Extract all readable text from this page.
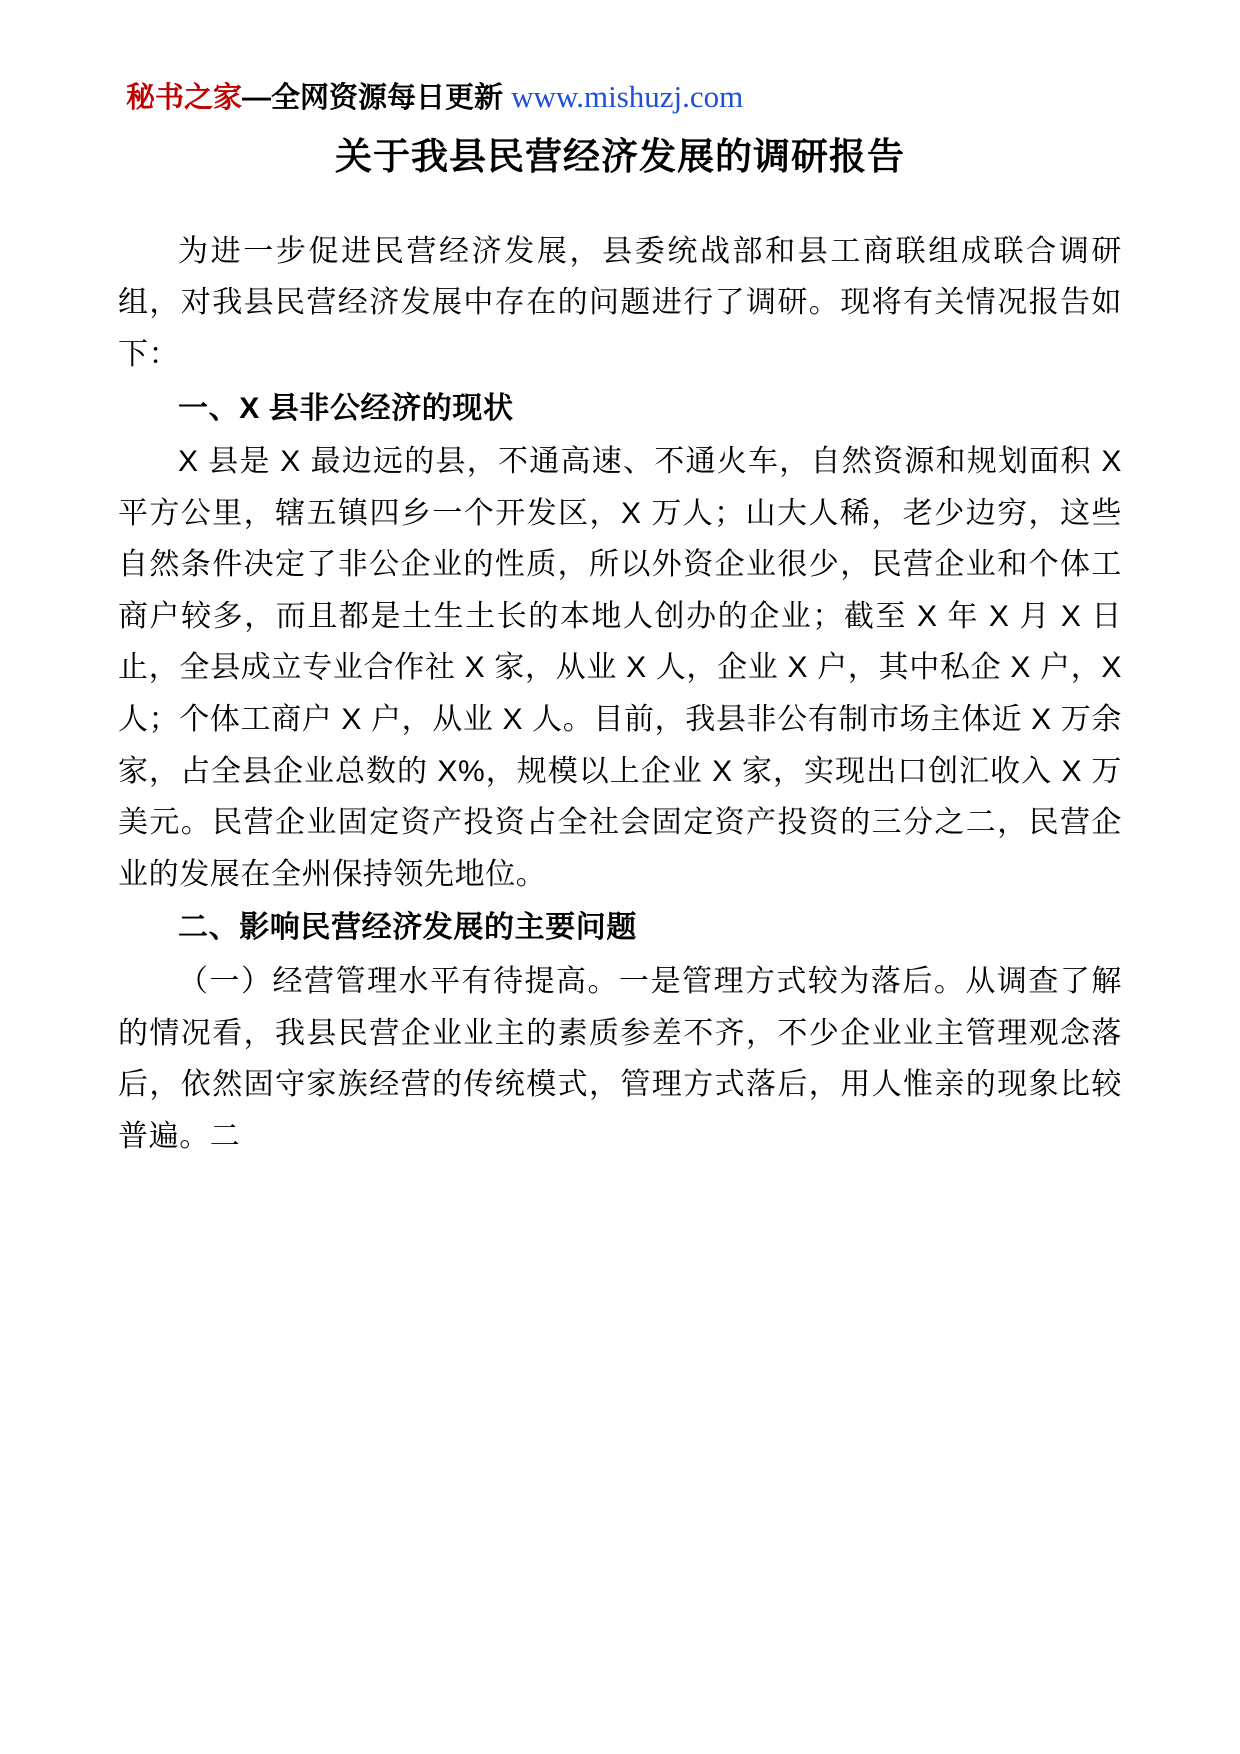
秘书之家—全网资源每日更新 www.mishuzj.com
关于我县民营经济发展的调研报告

为进一步促进民营经济发展，县委统战部和县工商联组成联合调研组，对我县民营经济发展中存在的问题进行了调研。现将有关情况报告如下：

一、X 县非公经济的现状

X 县是 X 最边远的县，不通高速、不通火车，自然资源和规划面积 X 平方公里，辖五镇四乡一个开发区，X 万人；山大人稀，老少边穷，这些自然条件决定了非公企业的性质，所以外资企业很少，民营企业和个体工商户较多，而且都是土生土长的本地人创办的企业；截至 X 年 X 月 X 日止，全县成立专业合作社 X 家，从业 X 人，企业 X 户，其中私企 X 户，X 人；个体工商户 X 户，从业 X 人。目前，我县非公有制市场主体近 X 万余家，占全县企业总数的 X%，规模以上企业 X 家，实现出口创汇收入 X 万美元。民营企业固定资产投资占全社会固定资产投资的三分之二，民营企业的发展在全州保持领先地位。

二、影响民营经济发展的主要问题

（一）经营管理水平有待提高。一是管理方式较为落后。从调查了解的情况看，我县民营企业业主的素质参差不齐，不少企业业主管理观念落后，依然固守家族经营的传统模式，管理方式落后，用人惟亲的现象比较普遍。二
